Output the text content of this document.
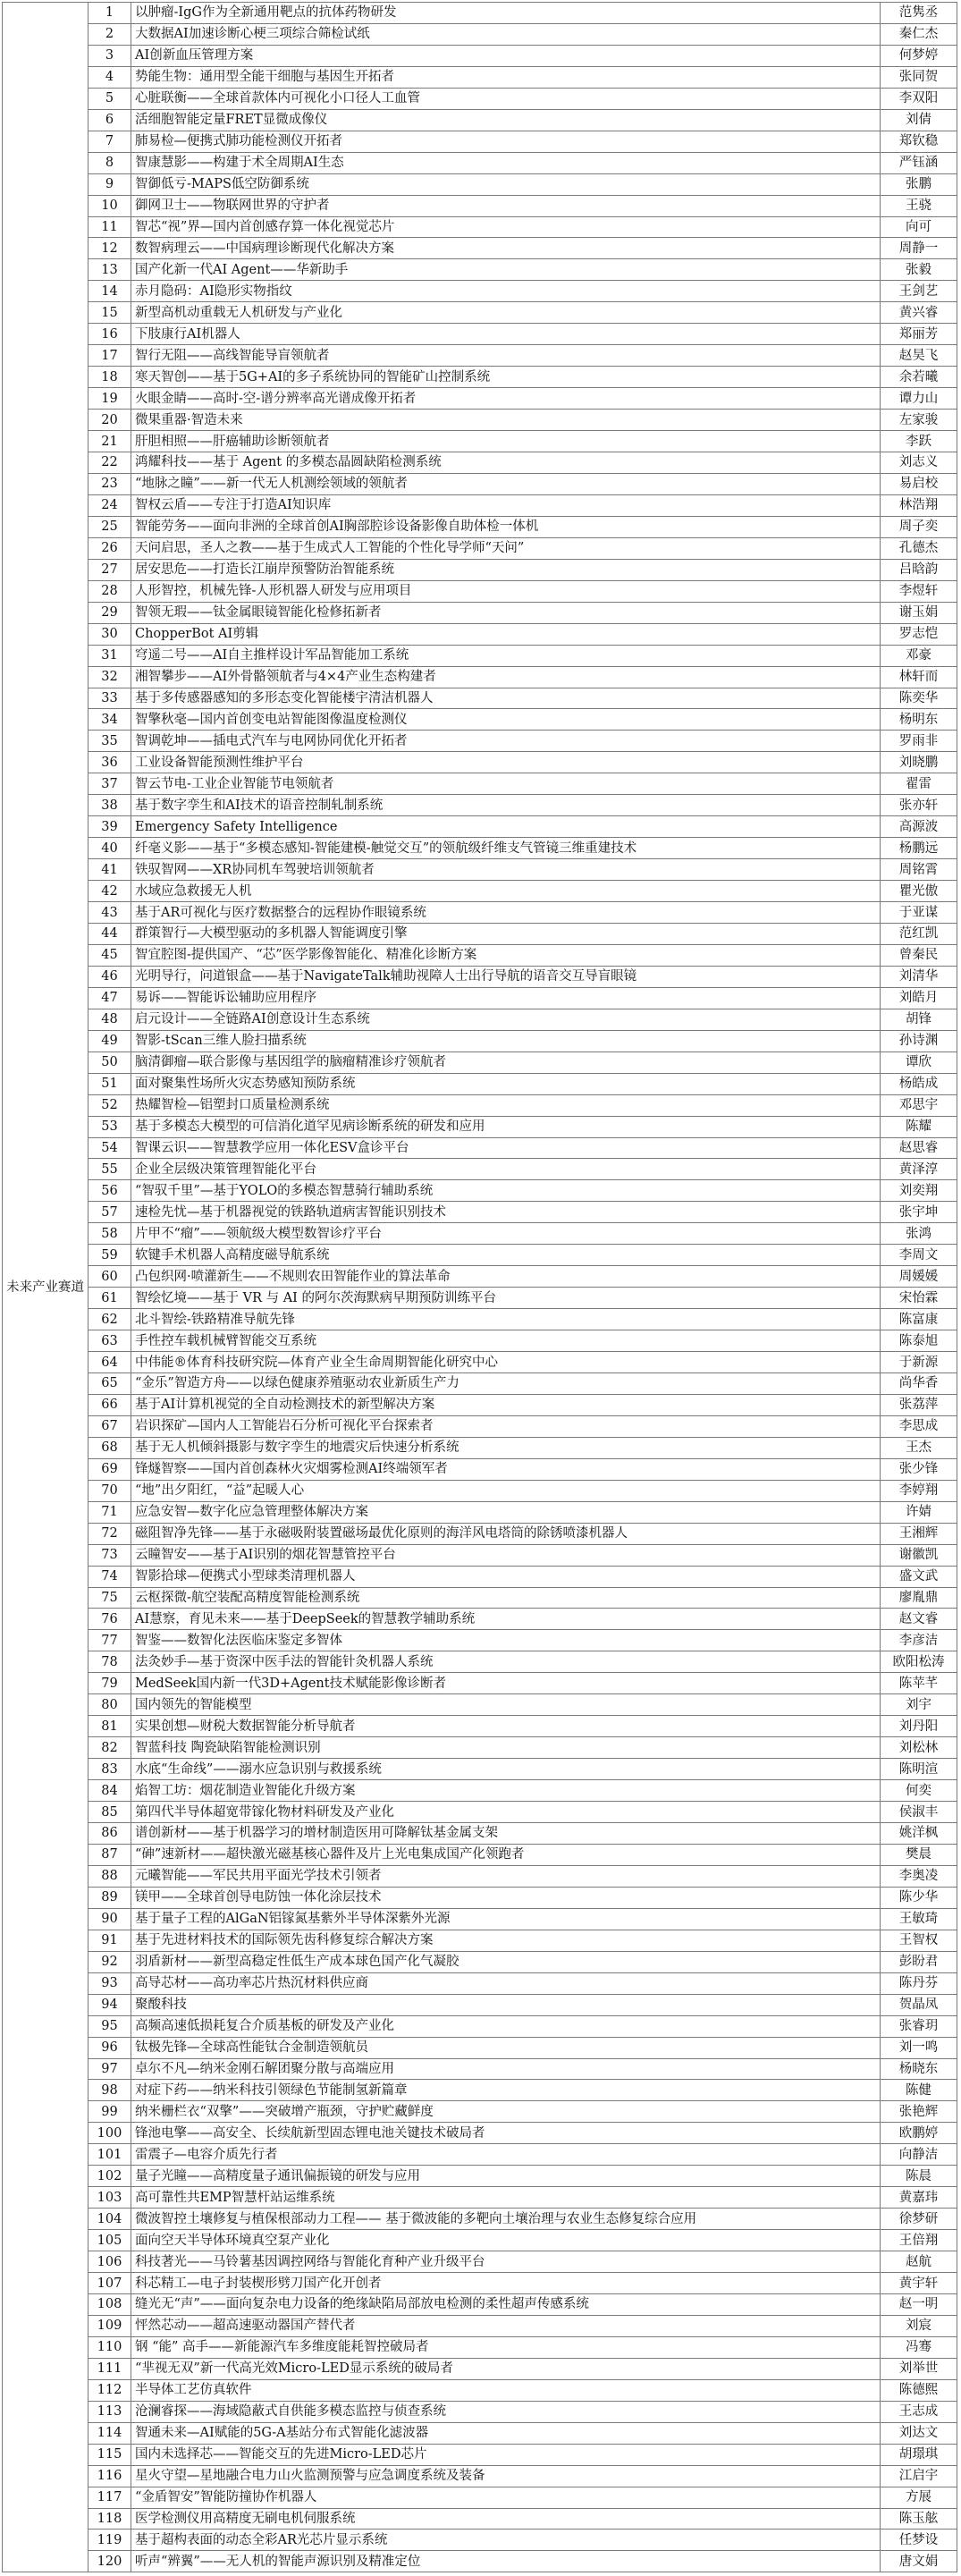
未来产业赛道	1	以肿瘤-IgG作为全新通用靶点的抗体药物研发	范隽丞
	2	大数据AI加速诊断心梗三项综合筛检试纸	秦仁杰
	3	AI创新血压管理方案	何梦婷
	4	势能生物：通用型全能干细胞与基因生开拓者	张同贺
	5	心脏联衡——全球首款体内可视化小口径人工血管	李双阳
	6	活细胞智能定量FRET显微成像仪	刘倩
	7	肺易检—便携式肺功能检测仪开拓者	郑钦稳
	8	智康慧影——构建于术全周期AI生态	严钰涵
	9	智御低亏-MAPS低空防御系统	张鹏
	10	御网卫士——物联网世界的守护者	王骁
	11	智芯“视”界—国内首创感存算一体化视觉芯片	向可
	12	数智病理云——中国病理诊断现代化解决方案	周静一
	13	国产化新一代AI Agent——华新助手	张毅
	14	赤月隐码：AI隐形实物指纹	王剑艺
	15	新型高机动重载无人机研发与产业化	黄兴睿
	16	下肢康行AI机器人	郑丽芳
	17	智行无阻——高线智能导盲领航者	赵昊飞
	18	寒天智创——基于5G+AI的多子系统协同的智能矿山控制系统	余若曦
	19	火眼金睛——高时-空-谱分辨率高光谱成像开拓者	谭力山
	20	微果重器·智造未来	左家骏
	21	肝胆相照——肝癌辅助诊断领航者	李跃
	22	鸿耀科技——基于 Agent 的多模态晶圆缺陷检测系统	刘志义
	23	“地脉之瞳”——新一代无人机测绘领域的领航者	易启校
	24	智权云盾——专注于打造AI知识库	林浩翔
	25	智能劳务——面向非洲的全球首创AI胸部腔诊设备影像自助体检一体机	周子奕
	26	天问启思，圣人之教——基于生成式人工智能的个性化导学师“天问”	孔德杰
	27	居安思危——打造长江崩岸预警防治智能系统	吕晗韵
	28	人形智控，机械先锋-人形机器人研发与应用项目	李煜轩
	29	智领无瑕——钛金属眼镜智能化检修拓新者	谢玉娟
	30	ChopperBot AI剪辑	罗志恺
	31	穹遥二号——AI自主推样设计军品智能加工系统	邓豪
	32	湘智攀步——AI外骨骼领航者与4×4产业生态构建者	林轩而
	33	基于多传感器感知的多形态变化智能楼宇清洁机器人	陈奕华
	34	智擎秋毫—国内首创变电站智能图像温度检测仪	杨明东
	35	智调乾坤——插电式汽车与电网协同优化开拓者	罗雨非
	36	工业设备智能预测性维护平台	刘晓鹏
	37	智云节电-工业企业智能节电领航者	翟雷
	38	基于数字孪生和AI技术的语音控制轧制系统	张亦轩
	39	Emergency Safety Intelligence	高源波
	40	纤毫义影——基于“多模态感知-智能建模-触觉交互”的领航级纤维支气管镜三维重建技术	杨鹏远
	41	铁驭智网——XR协同机车驾驶培训领航者	周铭霄
	42	水域应急救援无人机	瞿光傲
	43	基于AR可视化与医疗数据整合的远程协作眼镜系统	于亚谋
	44	群策智行—大模型驱动的多机器人智能调度引擎	范红凯
	45	智宜腔图-提供国产、“芯”医学影像智能化、精准化诊断方案	曾秦民
	46	光明导行，问道银盒——基于NavigateTalk辅助视障人士出行导航的语音交互导盲眼镜	刘清华
	47	易诉——智能诉讼辅助应用程序	刘皓月
	48	启元设计——全链路AI创意设计生态系统	胡锋
	49	智影-tScan三维人脸扫描系统	孙诗渊
	50	脑清御瘤—联合影像与基因组学的脑瘤精准诊疗领航者	谭欣
	51	面对聚集性场所火灾态势感知预防系统	杨皓成
	52	热耀智检—铝塑封口质量检测系统	邓思宇
	53	基于多模态大模型的可信消化道罕见病诊断系统的研发和应用	陈耀
	54	智课云识——智慧教学应用一体化ESV盒诊平台	赵思睿
	55	企业全层级决策管理智能化平台	黄泽淳
	56	“智驭千里”—基于YOLO的多模态智慧骑行辅助系统	刘奕翔
	57	速检先忧—基于机器视觉的铁路轨道病害智能识别技术	张宇坤
	58	片甲不“瘤”——领航级大模型数智诊疗平台	张鸿
	59	软键手术机器人高精度磁导航系统	李周文
	60	凸包织网·喷灌新生——不规则农田智能作业的算法革命	周媛媛
	61	智绘忆境——基于 VR 与 AI 的阿尔茨海默病早期预防训练平台	宋怡霖
	62	北斗智绘-铁路精准导航先锋	陈富康
	63	手性控车载机械臂智能交互系统	陈泰旭
	64	中伟能®体育科技研究院—体育产业全生命周期智能化研究中心	于新源
	65	“金乐”智造方舟——以绿色健康养殖驱动农业新质生产力	尚华香
	66	基于AI计算机视觉的全自动检测技术的新型解决方案	张荔萍
	67	岩识探矿—国内人工智能岩石分析可视化平台探索者	李思成
	68	基于无人机倾斜摄影与数字孪生的地震灾后快速分析系统	王杰
	69	锋燧智察——国内首创森林火灾烟雾检测AI终端领军者	张少锋
	70	“地”出夕阳红，“益”起暖人心	李婷翔
	71	应急安智—数字化应急管理整体解决方案	许婧
	72	磁阻智净先锋——基于永磁吸附装置磁场最优化原则的海洋风电塔筒的除锈喷漆机器人	王湘辉
	73	云瞳智安——基于AI识别的烟花智慧管控平台	谢徽凯
	74	智影拾球—便携式小型球类清理机器人	盛文武
	75	云枢探微-航空装配高精度智能检测系统	廖胤鼎
	76	AI慧察，育见未来——基于DeepSeek的智慧教学辅助系统	赵文睿
	77	智鉴——数智化法医临床鉴定多智体	李彦洁
	78	法灸妙手—基于资深中医手法的智能针灸机器人系统	欧阳松涛
	79	MedSeek国内新一代3D+Agent技术赋能影像诊断者	陈苹芊
	80	国内领先的智能模型	刘宇
	81	实果创想—财税大数据智能分析导航者	刘丹阳
	82	智蓝科技 陶瓷缺陷智能检测识别	刘松林
	83	水底“生命线”——溺水应急识别与救援系统	陈明渲
	84	焰智工坊：烟花制造业智能化升级方案	何奕
	85	第四代半导体超宽带镓化物材料研发及产业化	侯淑丰
	86	谱创新材——基于机器学习的增材制造医用可降解钛基金属支架	姚洋枫
	87	“砷”速新材——超快激光磁基核心器件及片上光电集成国产化领跑者	樊晨
	88	元曦智能——军民共用平面光学技术引领者	李奥凌
	89	镁甲——全球首创导电防蚀一体化涂层技术	陈少华
	90	基于量子工程的AlGaN铝镓氮基紫外半导体深紫外光源	王敏琦
	91	基于先进材料技术的国际领先齿科修复综合解决方案	王智权
	92	羽盾新材——新型高稳定性低生产成本球色国产化气凝胶	彭盼君
	93	高导芯材——高功率芯片热沉材料供应商	陈丹芬
	94	聚酸科技	贺晶凤
	95	高频高速低损耗复合介质基板的研发及产业化	张睿玥
	96	钛极先锋—全球高性能钛合金制造领航员	刘一鸣
	97	卓尔不凡—纳米金刚石解团聚分散与高端应用	杨晓东
	98	对症下药——纳米科技引领绿色节能制氢新篇章	陈健
	99	纳米栅栏衣“双擎”——突破增产瓶颈，守护贮藏鲜度	张艳辉
	100	锋池电擎——高安全、长续航新型固态锂电池关键技术破局者	欧鹏婷
	101	雷震子—电容介质先行者	向静洁
	102	量子光瞳——高精度量子通讯偏振镜的研发与应用	陈晨
	103	高可靠性共EMP智慧杆站运维系统	黄嘉玮
	104	微波智控土壤修复与植保根部动力工程—— 基于微波能的多靶向土壤治理与农业生态修复综合应用	徐梦研
	105	面向空天半导体环境真空泵产业化	王倍翔
	106	科技著光——马铃薯基因调控网络与智能化育种产业升级平台	赵航
	107	科芯精工—电子封装楔形劈刀国产化开创者	黄宇轩
	108	缝光无“声”——面向复杂电力设备的绝缘缺陷局部放电检测的柔性超声传感系统	赵一明
	109	怦然芯动——超高速驱动器国产替代者	刘宸
	110	钢 “能” 高手——新能源汽车多维度能耗智控破局者	冯骞
	111	“芈视无双”新一代高光效Micro-LED显示系统的破局者	刘举世
	112	半导体工艺仿真软件	陈德熙
	113	沧澜睿探——海域隐蔽式自供能多模态监控与侦查系统	王志成
	114	智通未来—AI赋能的5G-A基站分布式智能化滤波器	刘达文
	115	国内未选择芯——智能交互的先进Micro-LED芯片	胡璟琪
	116	星火守望—星地融合电力山火监测预警与应急调度系统及装备	江启宇
	117	“金盾智安”智能防撞协作机器人	方展
	118	医学检测仪用高精度无刷电机伺服系统	陈玉舷
	119	基于超构表面的动态全彩AR光芯片显示系统	任梦设
	120	听声“辨翼”——无人机的智能声源识别及精准定位	唐文娟
